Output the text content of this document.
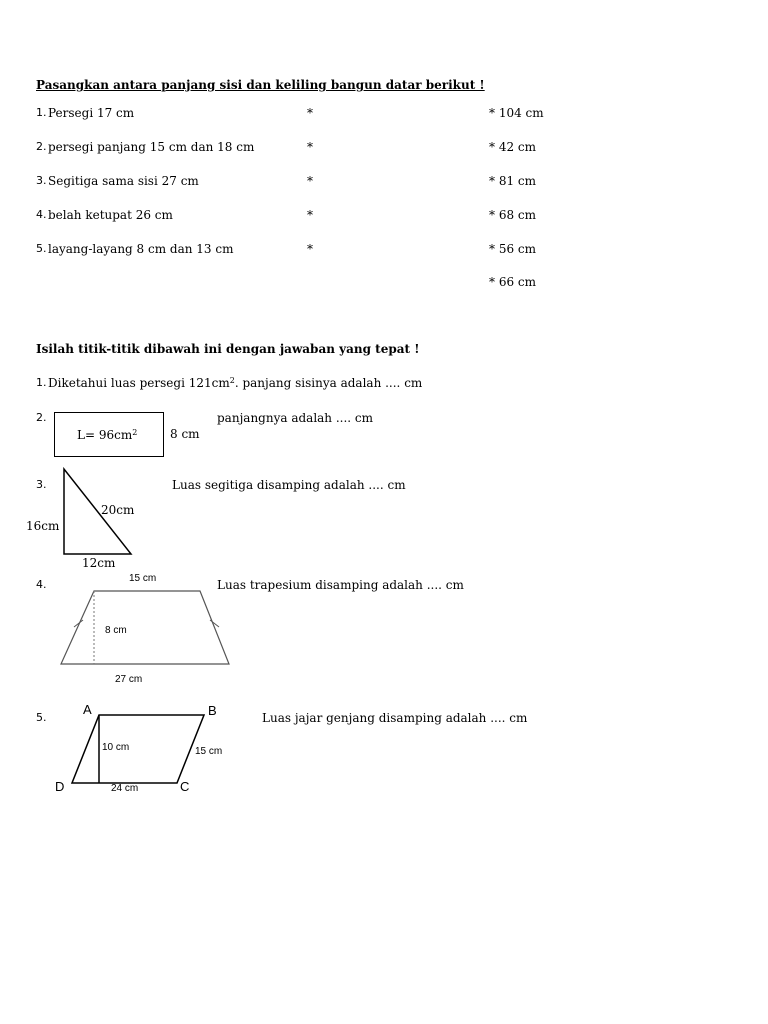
Pasangkan antara panjang sisi dan keliling bangun datar berikut !
1. Persegi 17 cm	*	* 104 cm
2. persegi panjang 15 cm dan 18 cm	*	* 42 cm
3. Segitiga sama sisi 27 cm	*	* 81 cm
4. belah ketupat 26 cm	*	* 68 cm
5. layang-layang 8 cm dan 13 cm	*	* 56 cm
* 66 cm
Isilah titik-titik dibawah ini dengan jawaban yang tepat !
1. Diketahui luas persegi $121cm^2$. panjang sisinya adalah .... cm
2.
$L= 96cm^2$	8 cm
panjangnya adalah .... cm
3.
20cm
16cm
12cm
Luas segitiga disamping adalah .... cm
4.	15 cm
8 cm
27 cm
Luas trapesium disamping adalah .... cm
5.
A	B
C
D
10 cm	15 cm
24 cm
Luas jajar genjang disamping adalah .... cm
